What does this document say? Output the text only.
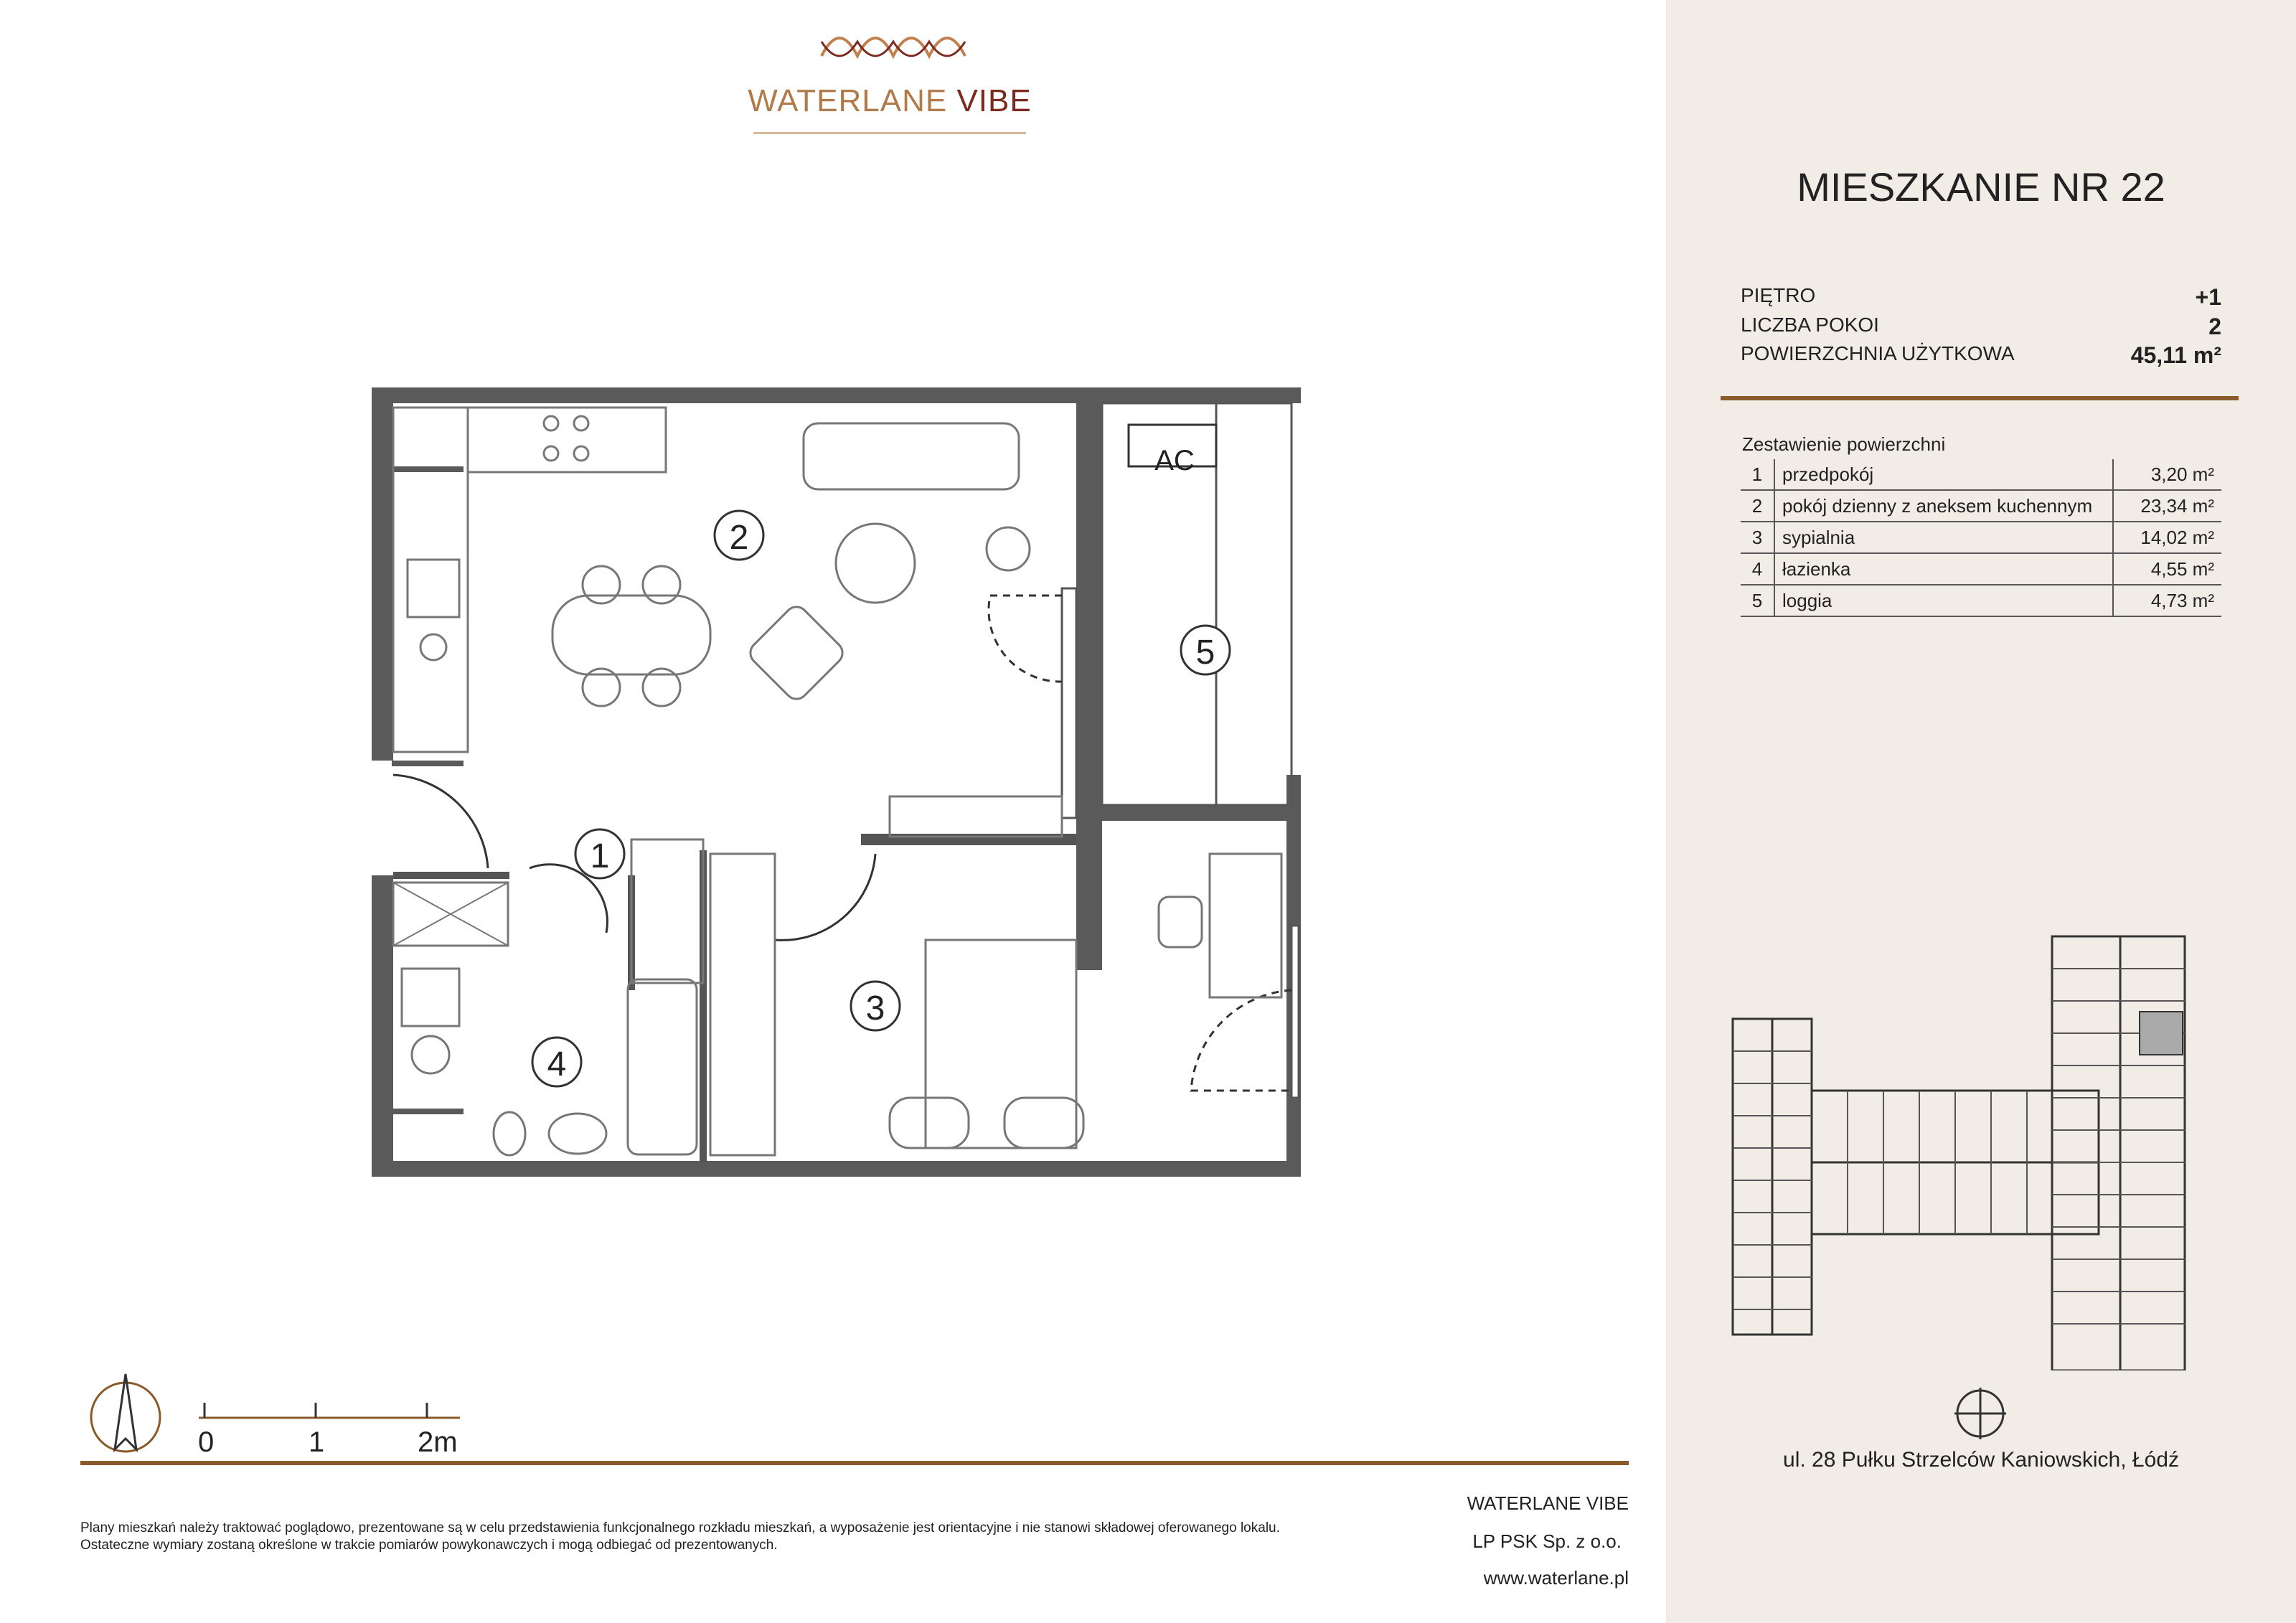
WATERLANE VIBE
MIESZKANIE NR 22
PIĘTRO	+1
LICZBA POKOI	2
POWIERZCHNIA UŻYTKOWA	45,11 m²
Zestawienie powierzchni
1	przedpokój	3,20 m²
2	pokój dzienny z aneksem kuchennym	23,34 m²
3	sypialnia	14,02 m²
4	łazienka	4,55 m²
5	loggia	4,73 m²
2
5
1
3
4
AC
ul. 28 Pułku Strzelców Kaniowskich, Łódź
0	1	2m
Plany mieszkań należy traktować poglądowo, prezentowane są w celu przedstawienia funkcjonalnego rozkładu mieszkań, a wyposażenie jest orientacyjne i nie stanowi składowej oferowanego lokalu.
Ostateczne wymiary zostaną określone w trakcie pomiarów powykonawczych i mogą odbiegać od prezentowanych.
WATERLANE VIBE
LP PSK Sp. z o.o.
www.waterlane.pl
